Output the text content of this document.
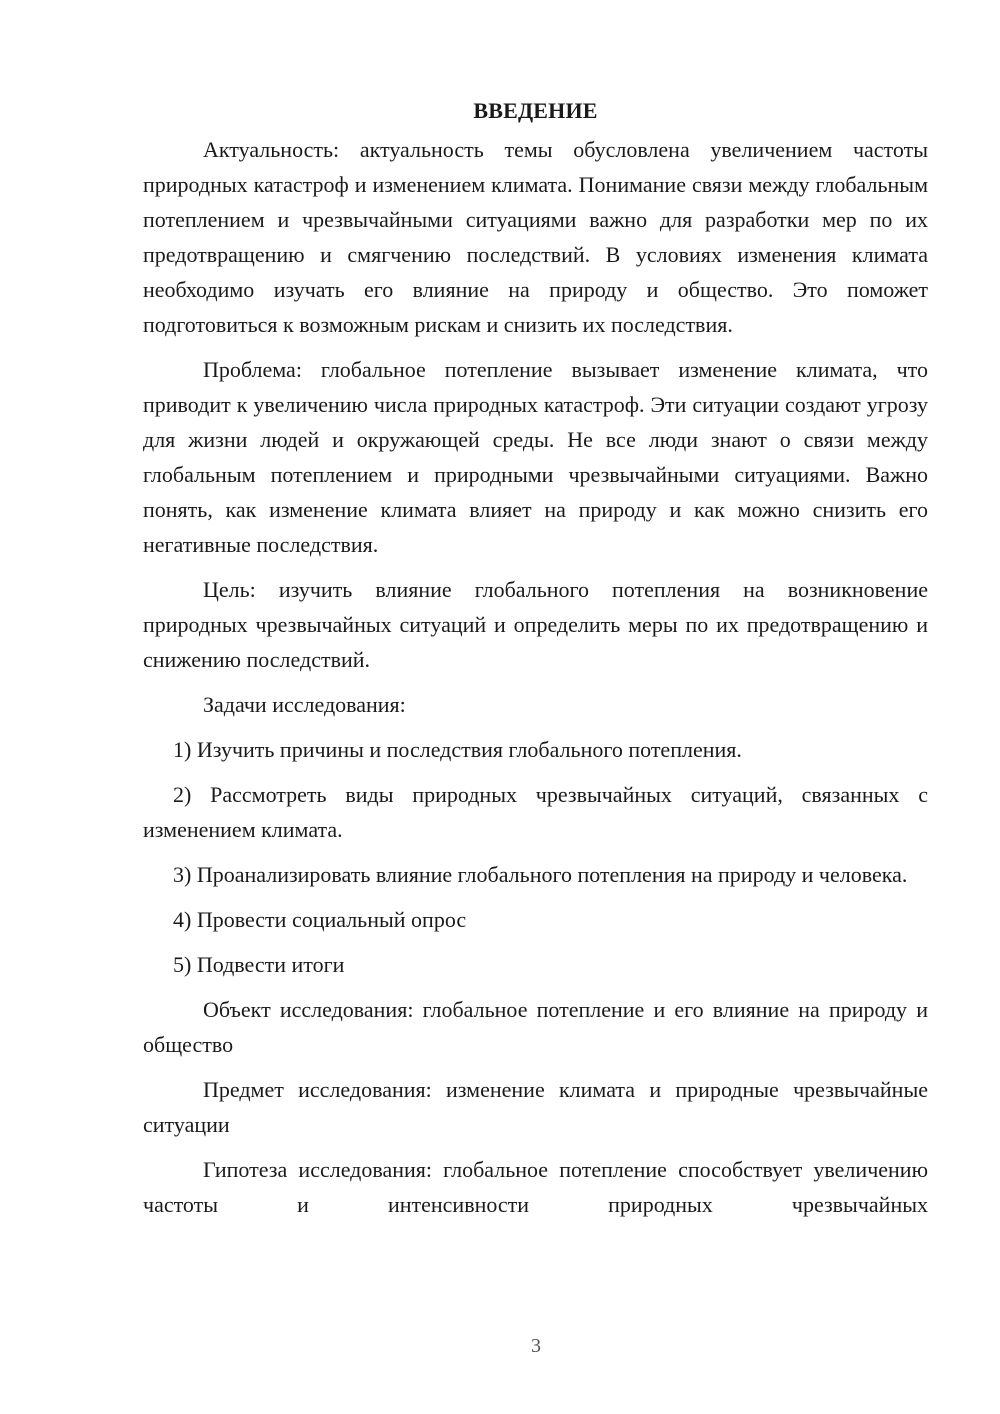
ВВЕДЕНИЕ

Актуальность: актуальность темы обусловлена увеличением частоты природных катастроф и изменением климата. Понимание связи между глобальным потеплением и чрезвычайными ситуациями важно для разработки мер по их предотвращению и смягчению последствий. В условиях изменения климата необходимо изучать его влияние на природу и общество. Это поможет подготовиться к возможным рискам и снизить их последствия.

Проблема: глобальное потепление вызывает изменение климата, что приводит к увеличению числа природных катастроф. Эти ситуации создают угрозу для жизни людей и окружающей среды. Не все люди знают о связи между глобальным потеплением и природными чрезвычайными ситуациями. Важно понять, как изменение климата влияет на природу и как можно снизить его негативные последствия.

Цель: изучить влияние глобального потепления на возникновение природных чрезвычайных ситуаций и определить меры по их предотвращению и снижению последствий.

Задачи исследования:

1) Изучить причины и последствия глобального потепления.

2) Рассмотреть виды природных чрезвычайных ситуаций, связанных с изменением климата.

3) Проанализировать влияние глобального потепления на природу и человека.

4) Провести социальный опрос

5) Подвести итоги

Объект исследования: глобальное потепление и его влияние на природу и общество

Предмет исследования: изменение климата и природные чрезвычайные ситуации

Гипотеза исследования: глобальное потепление способствует увеличению частоты и интенсивности природных чрезвычайных

3
